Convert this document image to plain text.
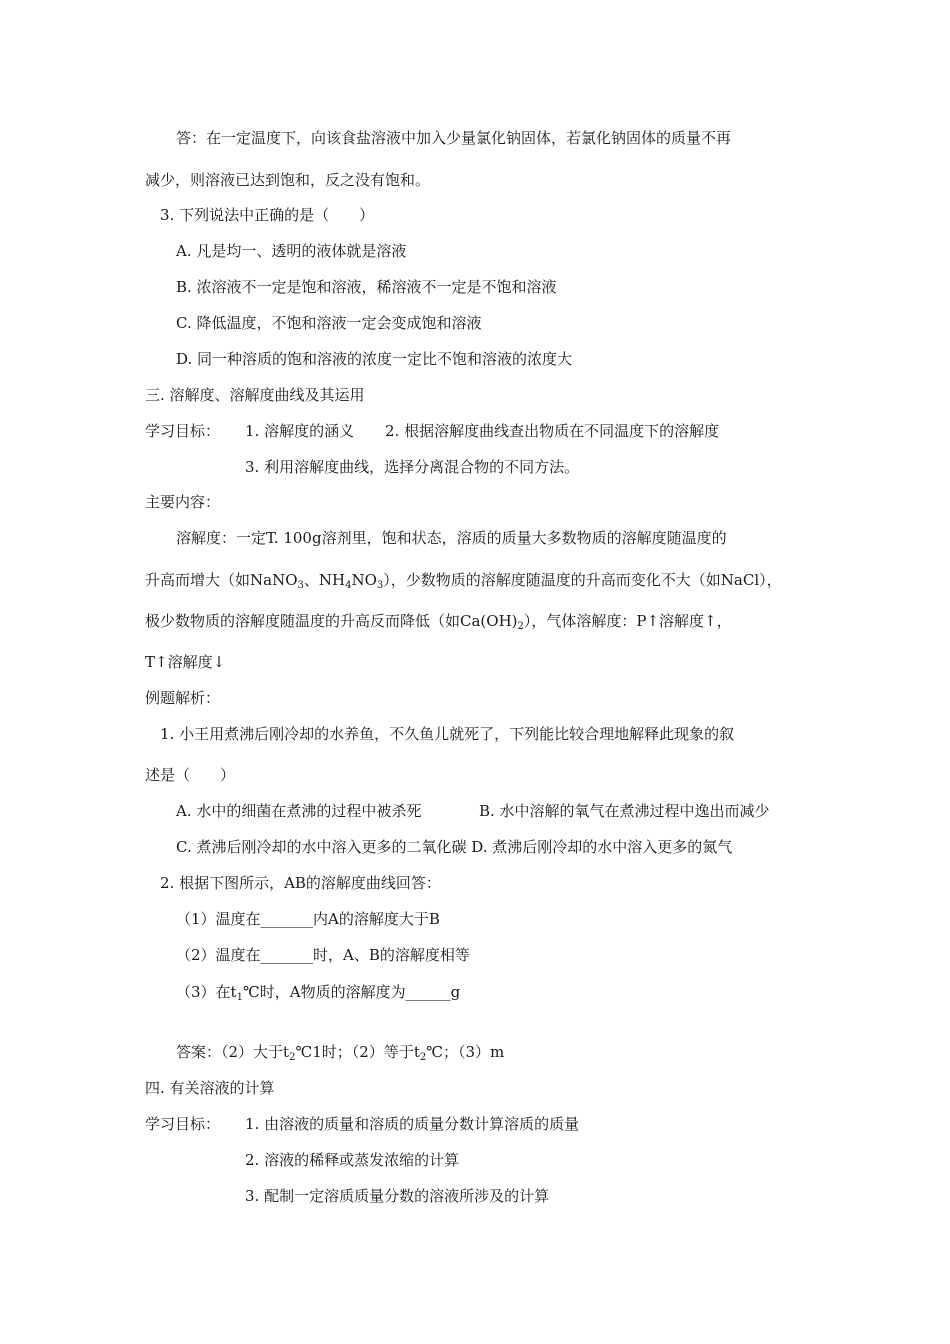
答：在一定温度下，向该食盐溶液中加入少量氯化钠固体，若氯化钠固体的质量不再
减少，则溶液已达到饱和，反之没有饱和。
3. 下列说法中正确的是（　　）
A. 凡是均一、透明的液体就是溶液
B. 浓溶液不一定是饱和溶液，稀溶液不一定是不饱和溶液
C. 降低温度，不饱和溶液一定会变成饱和溶液
D. 同一种溶质的饱和溶液的浓度一定比不饱和溶液的浓度大
三. 溶解度、溶解度曲线及其运用
学习目标： 1. 溶解度的涵义 2. 根据溶解度曲线查出物质在不同温度下的溶解度
3. 利用溶解度曲线，选择分离混合物的不同方法。
主要内容：
溶解度：一定T. 100g溶剂里，饱和状态，溶质的质量大多数物质的溶解度随温度的
升高而增大（如NaNO$_3$、$NH_4NO_3$），少数物质的溶解度随温度的升高而变化不大（如NaCl），
极少数物质的溶解度随温度的升高反而降低（如$Ca(OH)_2$），气体溶解度：P↑溶解度↑，
T↑溶解度↓
例题解析：
1. 小王用煮沸后刚冷却的水养鱼，不久鱼儿就死了，下列能比较合理地解释此现象的叙
述是（　　）
A. 水中的细菌在煮沸的过程中被杀死	B. 水中溶解的氧气在煮沸过程中逸出而减少
C. 煮沸后刚冷却的水中溶入更多的二氧化碳 D. 煮沸后刚冷却的水中溶入更多的氮气
2. 根据下图所示，AB的溶解度曲线回答：
（1）温度在_______内A的溶解度大于B
（2）温度在_______时，A、B的溶解度相等
（3）在$t_1℃$时，A物质的溶解度为______g
答案：（2）大于$t_2℃1$时；（2）等于$t_2℃$；（3）m
四. 有关溶液的计算
学习目标： 1. 由溶液的质量和溶质的质量分数计算溶质的质量
2. 溶液的稀释或蒸发浓缩的计算
3. 配制一定溶质质量分数的溶液所涉及的计算
